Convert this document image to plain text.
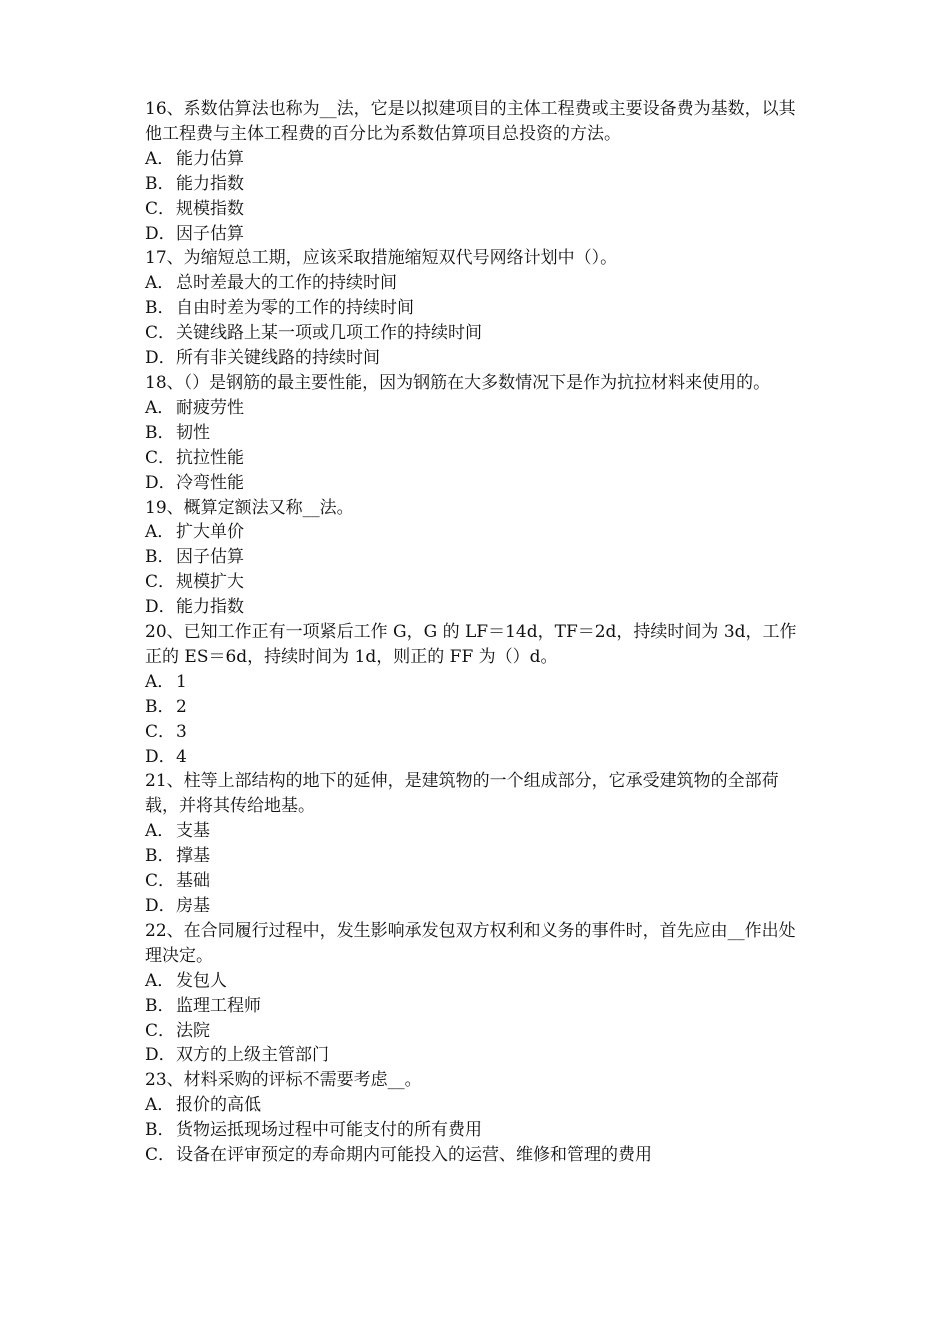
16、系数估算法也称为__法，它是以拟建项目的主体工程费或主要设备费为基数，以其他工程费与主体工程费的百分比为系数估算项目总投资的方法。

A． 能力估算

B．能力指数

C．规模指数

D．因子估算

17、为缩短总工期，应该采取措施缩短双代号网络计划中（）。

A． 总时差最大的工作的持续时间

B．自由时差为零的工作的持续时间

C．关键线路上某一项或几项工作的持续时间

D．所有非关键线路的持续时间

18、（）是钢筋的最主要性能，因为钢筋在大多数情况下是作为抗拉材料来使用的。

A． 耐疲劳性

B．韧性

C．抗拉性能

D．冷弯性能

19、概算定额法又称__法。

A． 扩大单价

B．因子估算

C．规模扩大

D．能力指数

20、已知工作正有一项紧后工作 G，G 的 LF＝14d，TF＝2d，持续时间为 3d，工作正的 ES＝6d，持续时间为 1d，则正的 FF 为（）d。

A． 1

B．2

C．3

D．4

21、柱等上部结构的地下的延伸，是建筑物的一个组成部分，它承受建筑物的全部荷载，并将其传给地基。

A． 支基

B．撑基

C．基础

D．房基

22、在合同履行过程中，发生影响承发包双方权利和义务的事件时，首先应由__作出处理决定。

A． 发包人

B．监理工程师

C．法院

D．双方的上级主管部门

23、材料采购的评标不需要考虑__。

A． 报价的高低

B．货物运抵现场过程中可能支付的所有费用

C．设备在评审预定的寿命期内可能投入的运营、维修和管理的费用
